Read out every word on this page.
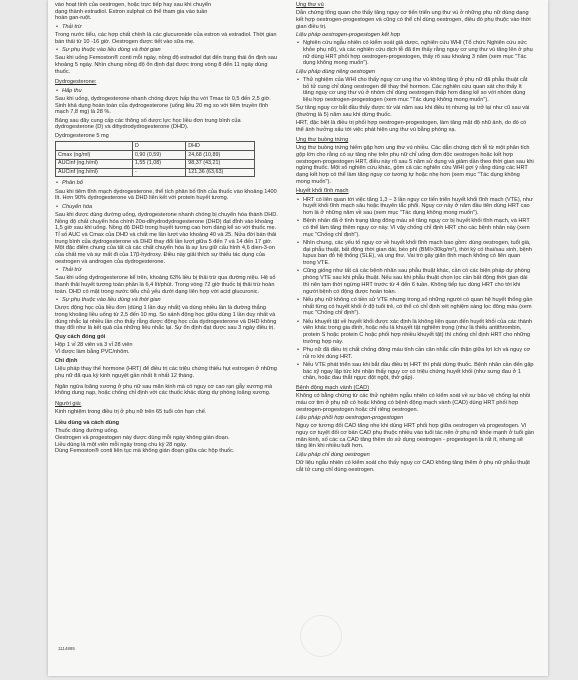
vào hoạt tính của oestrogen, hoặc trực tiếp hay sau khi chuyển

dạng thành estradiol. Estron sulphat có thể tham gia vào tuần

hoàn gan-ruột.

• Thải trừ

Trong nước tiểu, các hợp chất chính là các glucuronide của estron và estradiol. Thời gian bán thải từ 10 -16 giờ. Oestrogen được tiết vào sữa mẹ.

• Sự phụ thuộc vào liều dùng và thời gian

Sau khi uống Femoston® conti mỗi ngày, nồng độ estradiol đạt đến trạng thái ổn định sau khoảng 5 ngày. Nhìn chung nồng độ ổn định đạt được trong vòng 8 đến 11 ngày dùng thuốc.

Dydrogesterone:

• Hấp thu

Sau khi uống, dydrogesterone nhanh chóng được hấp thu với Tmax từ 0,5 đến 2,5 giờ. Sinh khả dụng hoàn toàn của dydrogesterone (uống liều 20 mg so với tiêm truyền tĩnh mạch 7,8 mg) là 28 %.

Bảng sau đây cung cấp các thông số dược lực học liều đơn trung bình của dydrogesterone (D) và dihydrodydrogesterone (DHD).

Dydrogesterone 5 mg

	D	DHD
Cmax (ng/ml)	0,90 (0,59)	24,68 (10,89)
AUCinf (ng.h/ml)	1,55 (1,08)	98,37 (43,21)
AUCinf (ng.h/ml)	-	121,36 (63,63)

• Phân bố

Sau khi tiêm tĩnh mạch dydrogesterone, thể tích phân bố tĩnh của thuốc vào khoảng 1400 lít. Hơn 90% dydrogesterone và DHD liên kết với protein huyết tương.

• Chuyển hóa

Sau khi được dùng đường uống, dydrogesterone nhanh chóng bị chuyển hóa thành DHD. Nồng độ chất chuyển hóa chính 20α-dihydrodydrogesterone (DHD) đạt đỉnh vào khoảng 1,5 giờ sau khi uống. Nồng độ DHD trong huyết tương cao hơn đáng kể so với thuốc mẹ. Tỉ số AUC và Cmax của DHD và chất mẹ lần lượt vào khoảng 40 và 25. Nửa đời bán thải trung bình của dydrogesterone và DHD thay đổi lần lượt giữa 5 đến 7 và 14 đến 17 giờ. Một đặc điểm chung của tất cả các chất chuyển hóa là sự lưu giữ cấu hình 4,6 dien-3-on của chất mẹ và sự mất đi của 17β-hydroxy. Điều này giải thích sự thiếu tác dụng của oestrogen và androgen của dydrogesterone.

• Thải trừ

Sau khi uống dydrogesterone kể trên, khoảng 63% liều bị thải trừ qua đường niệu. Hệ số thanh thải huyết tương toàn phần là 6,4 lít/phút. Trong vòng 72 giờ thuốc bị thải trừ hoàn toàn. DHD có mặt trong nước tiểu chủ yếu dưới dạng liên hợp với acid glucuronic.

• Sự phụ thuộc vào liều dùng và thời gian

Dược động học của liều đơn (dùng 1 lần duy nhất) và dùng nhiều lần là đường thẳng trong khoảng liều uống từ 2,5 đến 10 mg. So sánh động học giữa dùng 1 lần duy nhất và dùng nhắc lại nhiều lần cho thấy rằng dược động học của dydrogesterone và DHD không thay đổi như là kết quả của những liều nhắc lại. Sự ổn định đạt được sau 3 ngày điều trị.

Quy cách đóng gói

Hộp 1 vỉ 28 viên và 3 vỉ 28 viên

Vỉ được làm bằng PVC/nhôm.

Chỉ định

Liệu pháp thay thế hormone (HRT) để điều trị các triệu chứng thiếu hụt estrogen ở những phụ nữ đã qua kỳ kinh nguyệt gần nhất ít nhất 12 tháng.

Ngăn ngừa loãng xương ở phụ nữ sau mãn kinh mà có nguy cơ cao rạn gẫy xương mà không dung nạp, hoặc chống chỉ định với các thuốc khác dùng dự phòng loãng xương.

Người già:

Kinh nghiệm trong điều trị ở phụ nữ trên 65 tuổi còn hạn chế.

Liều dùng và cách dùng

Thuốc dùng đường uống.

Oestrogen và progestogen này được dùng mỗi ngày không gián đoạn.

Liều dùng là một viên mỗi ngày trong chu kỳ 28 ngày.

Dùng Femoston® conti liên tục mà không gián đoạn giữa các hộp thuốc.

1114885

Ung thư vú

Dẫn chứng tổng quan cho thấy tăng nguy cơ tiến triển ung thư vú ở những phụ nữ dùng dạng kết hợp oestrogen-progestogen và cũng có thể chỉ dùng oestrogen, điều đó phụ thuộc vào thời gian điều trị.

Liệu pháp oestrogen-progestogen kết hợp

• Nghiên cứu ngẫu nhiên có kiểm soát giả dược, nghiên cứu WHI (Tổ chức Nghiên cứu sức khỏe phụ nữ), và các nghiên cứu dịch tễ đã tìm thấy rằng nguy cơ ung thư vú tăng lên ở phụ nữ dùng HRT phối hợp oestrogen-progestogen, thấy rõ sau khoảng 3 năm (xem mục "Tác dụng không mong muốn").

Liệu pháp dùng riêng oestrogen

• Thử nghiệm của WHI cho thấy nguy cơ ung thư vú không tăng ở phụ nữ đã phẫu thuật cắt bỏ tử cung chỉ dùng oestrogen để thay thế hormon. Các nghiên cứu quan sát cho thấy ít tăng nguy cơ ung thư vú ở nhóm chỉ dùng oestrogen thấp hơn đáng kể so với nhóm dùng liệu hợp oestrogen-progestogen (xem mục "Tác dụng không mong muốn").

Sự tăng nguy cơ bắt đầu thấy được từ vài năm sau khi điều trị nhưng lại trở lại như cũ sau vài (thường là 5) năm sau khi dừng thuốc.

HRT, đặc biệt là điều trị phối hợp oestrogen-progestogen, làm tăng mật độ nhũ ảnh, do đó có thể ảnh hưởng xấu tới việc phát hiện ung thư vú bằng phóng xạ.

Ung thư buồng trứng

Ung thư buồng trứng hiếm gặp hơn ung thư vú nhiều. Các dẫn chứng dịch tễ từ một phân tích gộp lớn cho rằng có sự tăng nhẹ trên phụ nữ chỉ uống đơn độc oestrogen hoặc kết hợp oestrogen-progestogen HRT, điều này rõ sau 5 năm sử dụng và giảm dần theo thời gian sau khi ngừng thuốc. Một số nghiên cứu khác, gồm cả các nghiên cứu WHI gợi ý rằng dùng các HRT dạng kết hợp có thể làm tăng nguy cơ tương tự hoặc nhẹ hơn (xem mục "Tác dụng không mong muốn").

Huyết khối tĩnh mạch

• HRT có liên quan tới việc tăng 1,3 – 3 lần nguy cơ tiến triển huyết khối tĩnh mạch (VTE), như huyết khối tĩnh mạch sâu hoặc thuyên tắc phổi. Nguy cơ này ở năm đầu tiên dùng HRT cao hơn là ở những năm về sau (xem mục "Tác dụng không mong muốn").

• Bệnh nhân đã ở tình trạng tăng đông máu sẽ tăng nguy cơ bị huyết khối tĩnh mạch, và HRT có thể làm tăng thêm nguy cơ này. Vì vậy chống chỉ định HRT cho các bệnh nhân này (xem mục "Chống chỉ định").

• Nhìn chung, các yếu tố nguy cơ về huyết khối tĩnh mạch bao gồm: dùng oestrogen, tuổi già, đại phẫu thuật, bất động thời gian dài, béo phì (BMI>30kg/m²), thời kỳ có thai/sau sinh, bệnh lupus ban đỏ hệ thống (SLE), và ung thư. Vai trò gây giãn tĩnh mạch không có liên quan trong VTE.

• Cũng giống như tất cả các bệnh nhân sau phẫu thuật khác, cần có các biện pháp dự phòng phòng VTE sau khi phẫu thuật. Nếu sau khi phẫu thuật chọn lọc cần bất động thời gian dài thì nên tạm thời ngừng HRT trước từ 4 đến 6 tuần. Không tiếp tục dùng HRT cho tới khi người bệnh có động được hoàn toàn.

• Nếu phụ nữ không có tiền sử VTE nhưng trong số những người có quan hệ huyết thống gần nhất từng có huyết khối ở độ tuổi trẻ, có thể có chỉ định xét nghiệm sàng lọc đông máu (xem mục "Chống chỉ định").

• Nếu khuyết tật về huyết khối được xác định là không liên quan đến huyết khối của các thành viên khác trong gia đình, hoặc nếu là khuyết tật nghiêm trọng (như là thiếu antithrombin, protein S hoặc protein C hoặc phối hợp nhiều khuyết tật) thì chống chỉ định HRT cho những trường hợp này.

• Phụ nữ đã điều trị chất chống đông máu tính cần cân nhắc cẩn thận giữa lợi ích và nguy cơ rủi ro khi dùng HRT.

• Nếu VTE phát triển sau khi bắt đầu điều trị HRT thì phải dừng thuốc. Bệnh nhân cần đến gặp bác sỹ ngay lập tức khi nhận thấy nguy cơ có triệu chứng huyết khối (như sưng đau ở 1 chân, hoặc đau thắt ngực đột ngột, thở gấp).

Bệnh động mạch vành (CAD)

Không có bằng chứng từ các thử nghiệm ngẫu nhiên có kiểm soát về sự bảo vệ chống lại nhồi máu cơ tim ở phụ nữ có hoặc không có bệnh động mạch vành (CAD) dùng HRT phối hợp oestrogen-progestogen hoặc chỉ riêng oestrogen.

Liệu pháp phối hợp oestrogen-progestogen

Nguy cơ tương đối CAD tăng nhẹ khi dùng HRT phối hợp giữa oestrogen và progestogen. Vì nguy cơ tuyệt đối cơ bản CAD phụ thuộc nhiều vào tuổi tác nên ở phụ nữ khỏe mạnh ở tuổi gần mãn kinh, số các ca CAD tăng thêm do sử dụng oestrogen - progestogen là rất ít, nhưng sẽ tăng lên khi nhiều tuổi hơn.

Liệu pháp chỉ dùng oestrogen

Dữ liệu ngẫu nhiên có kiểm soát cho thấy nguy cơ CAD không tăng thêm ở phụ nữ phẫu thuật cắt tử cung chỉ dùng oestrogen.
